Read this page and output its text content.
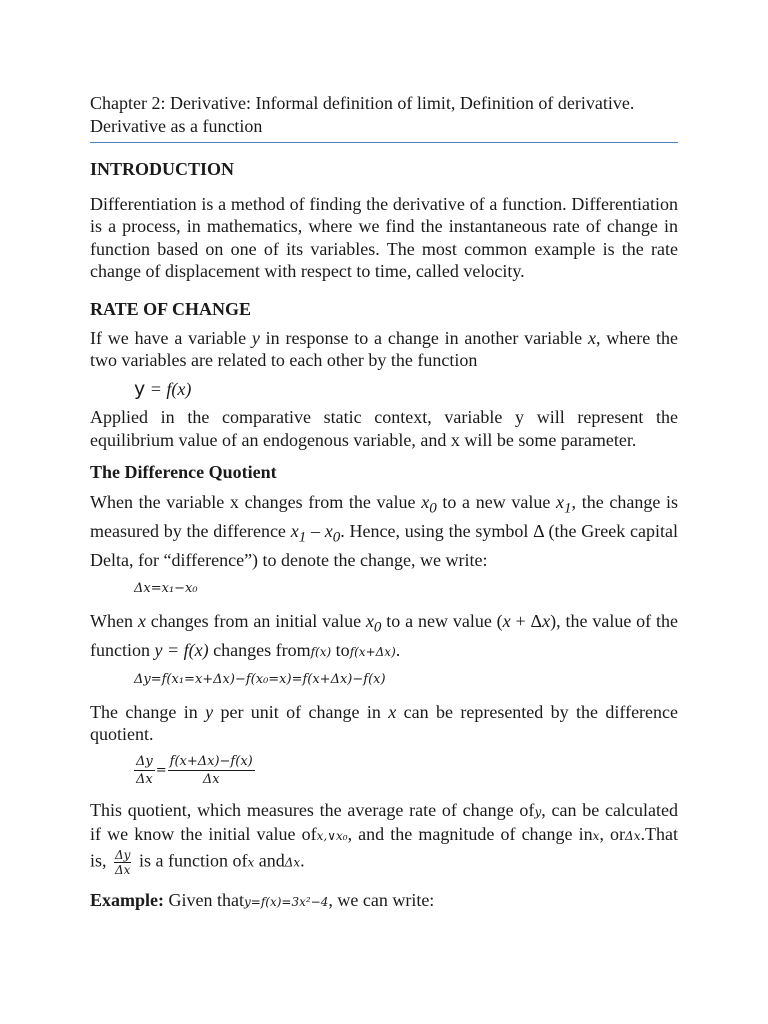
Chapter 2: Derivative: Informal definition of limit, Definition of derivative. Derivative as a function

INTRODUCTION

Differentiation is a method of finding the derivative of a function. Differentiation is a process, in mathematics, where we find the instantaneous rate of change in function based on one of its variables. The most common example is the rate change of displacement with respect to time, called velocity.

RATE OF CHANGE

If we have a variable y in response to a change in another variable x, where the two variables are related to each other by the function

y = f(x)

Applied in the comparative static context, variable y will represent the equilibrium value of an endogenous variable, and x will be some parameter.

The Difference Quotient

When the variable x changes from the value $x_0$ to a new value $x_1$, the change is measured by the difference $x_1 - x_0$. Hence, using the symbol Δ (the Greek capital Delta, for “difference”) to denote the change, we write:

Δx=x₁−x₀

When x changes from an initial value $x_0$ to a new value (x + Δx), the value of the function y = f(x) changes fromf(x) tof(x+Δx).

Δy=f(x₁=x+Δx)−f(x₀=x)=f(x+Δx)−f(x)

The change in y per unit of change in x can be represented by the difference quotient.

$\frac{\Delta y}{\Delta x} = \frac{f(x+\Delta x)-f(x)}{\Delta x}$

This quotient, which measures the average rate of change ofy, can be calculated if we know the initial value ofx,∨x₀, and the magnitude of change inx, orΔx.That is, $\frac{\Delta y}{\Delta x}$ is a function ofx andΔx.

Example: Given thaty=f(x)=3x²−4, we can write:
